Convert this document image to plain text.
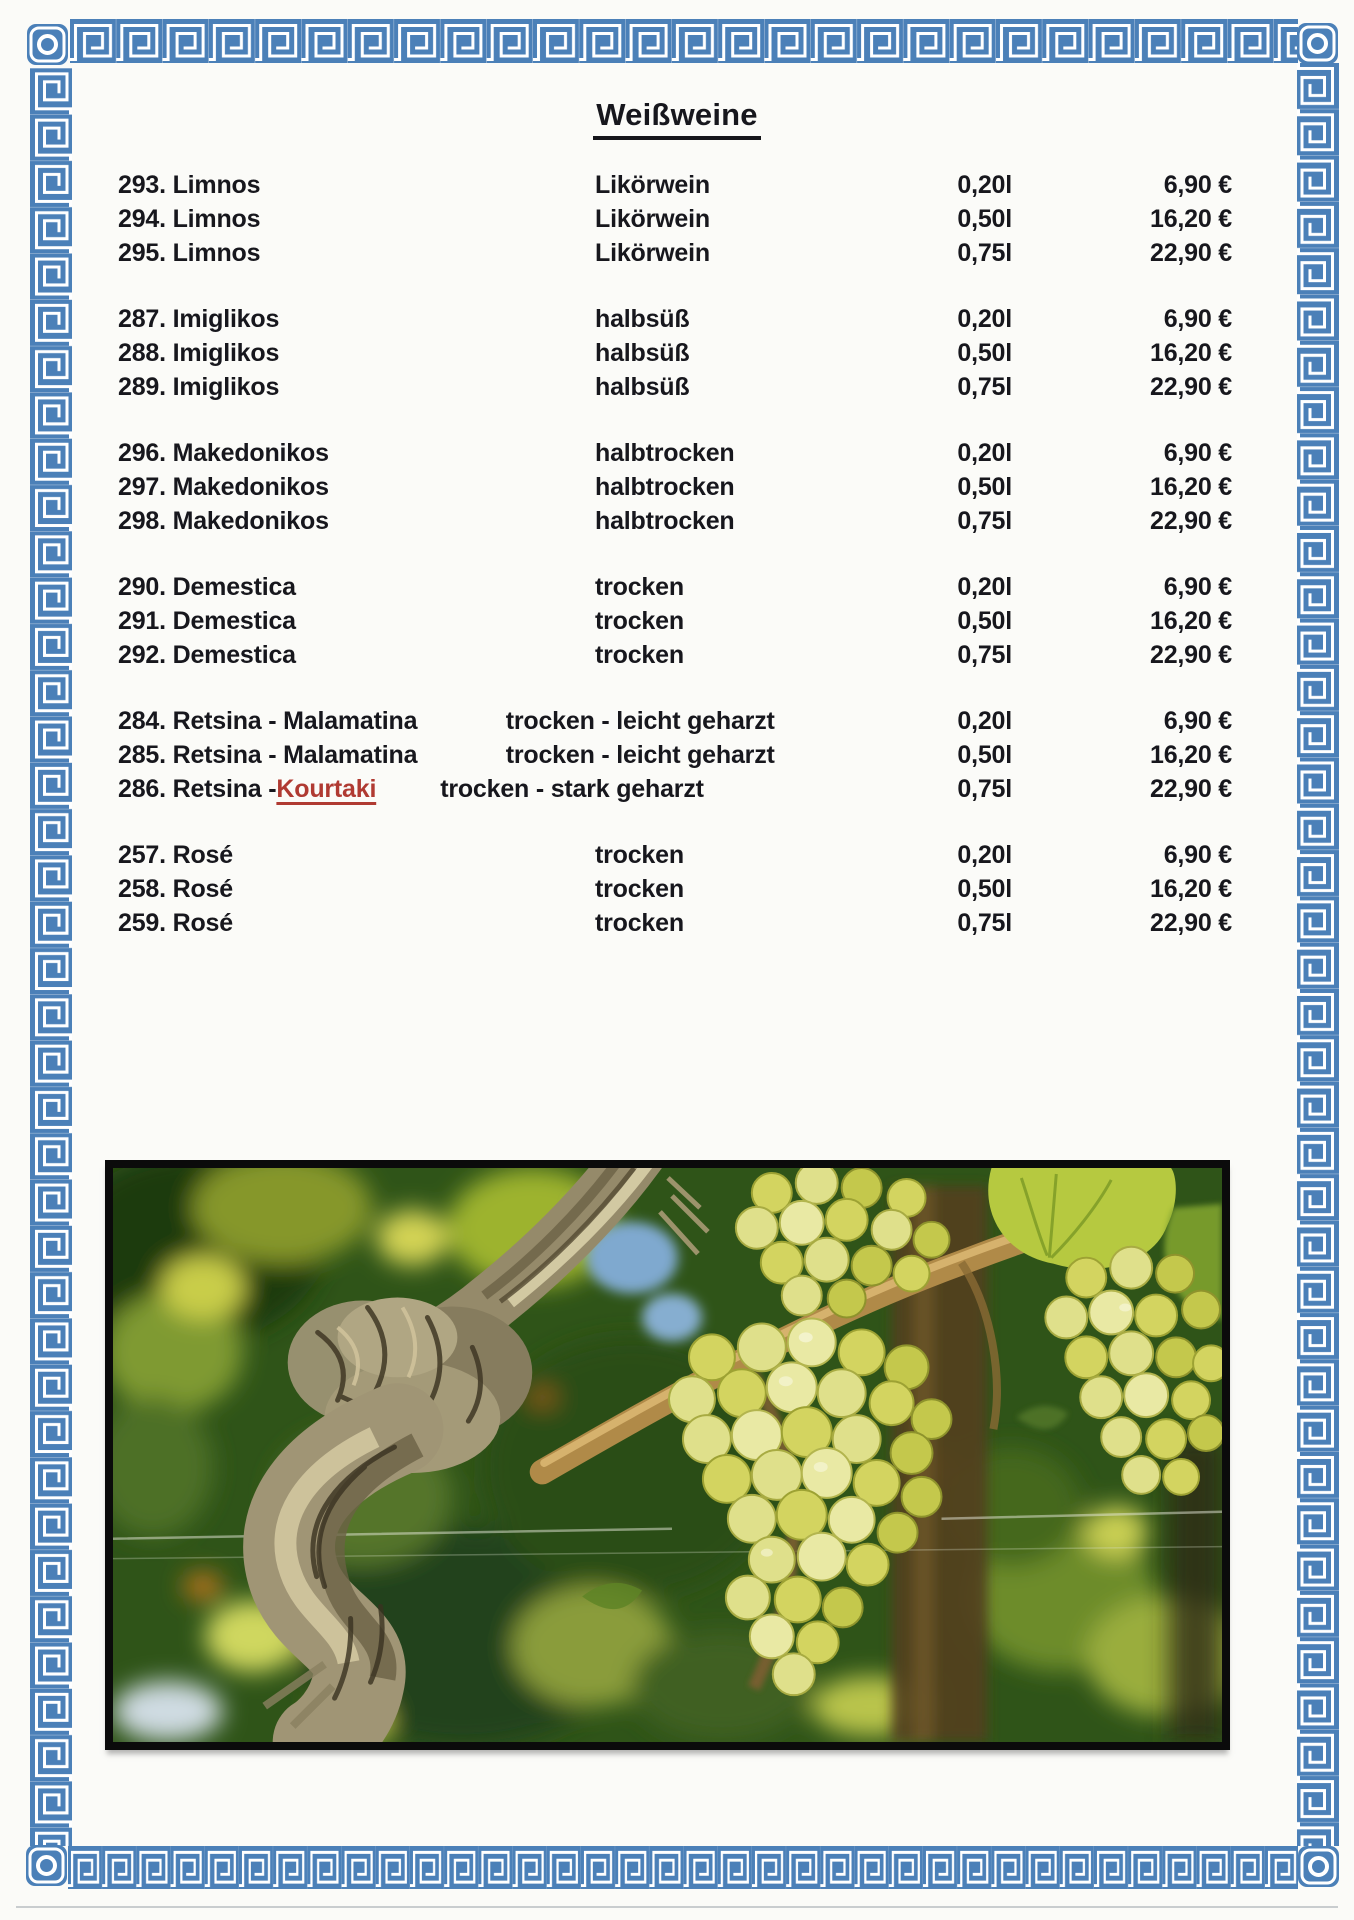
Weißweine
293. Limnos	Likörwein	0,20l	6,90 €
294. Limnos	Likörwein	0,50l	16,20 €
295. Limnos	Likörwein	0,75l	22,90 €
287. Imiglikos	halbsüß	0,20l	6,90 €
288. Imiglikos	halbsüß	0,50l	16,20 €
289. Imiglikos	halbsüß	0,75l	22,90 €
296. Makedonikos	halbtrocken	0,20l	6,90 €
297. Makedonikos	halbtrocken	0,50l	16,20 €
298. Makedonikos	halbtrocken	0,75l	22,90 €
290. Demestica	trocken	0,20l	6,90 €
291. Demestica	trocken	0,50l	16,20 €
292. Demestica	trocken	0,75l	22,90 €
284. Retsina - Malamatina	trocken - leicht geharzt	0,20l	6,90 €
285. Retsina - Malamatina	trocken - leicht geharzt	0,50l	16,20 €
286. Retsina -Kourtaki	trocken - stark geharzt	0,75l	22,90 €
257. Rosé	trocken	0,20l	6,90 €
258. Rosé	trocken	0,50l	16,20 €
259. Rosé	trocken	0,75l	22,90 €
